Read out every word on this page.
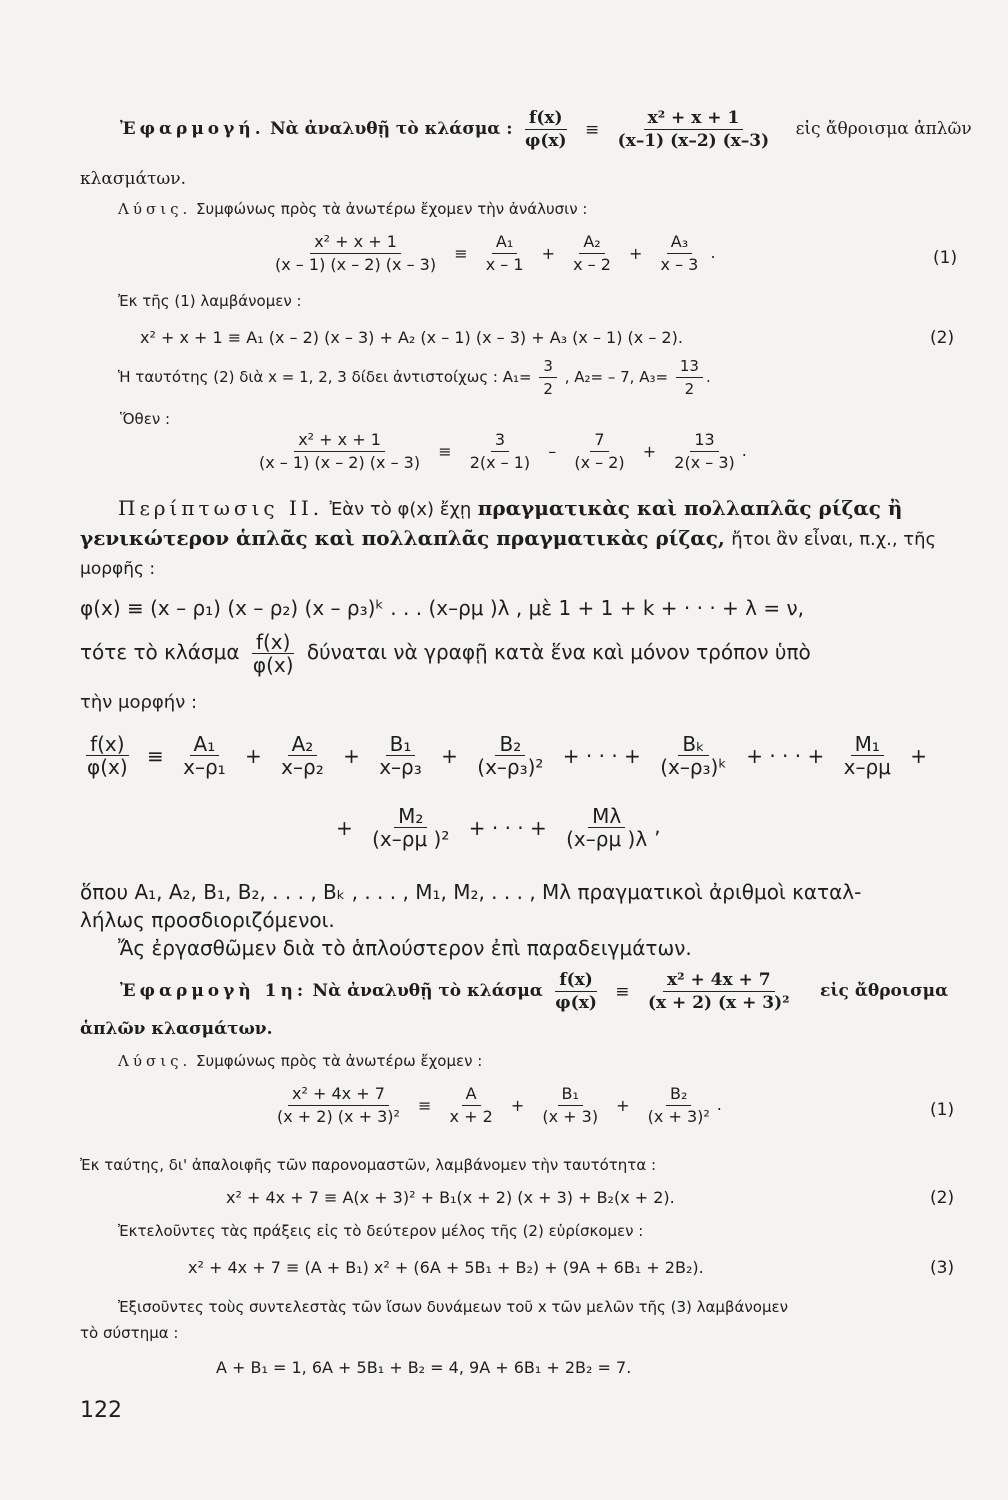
Ἐφαρμογή. Νὰ ἀναλυθῇ τὸ κλάσμα : $\frac{f(x)}{\varphi(x)} \equiv \frac{\text{x² + x + 1}}{(x-1) (x-2) (x-3)}$ εἰς ἄθροισμα ἁπλῶν
κλασμάτων.
Λύσις. Συμφώνως πρὸς τὰ ἀνωτέρω ἔχομεν τὴν ἀνάλυσιν :
$\frac{\text{x² + x + 1}}{(x - 1) (x - 2) (x - 3)} \equiv \frac{\text{A₁}}{x - 1} + \frac{\text{A₂}}{x - 2} + \frac{\text{A₃}}{x - 3}$ .	(1)
Ἐκ τῆς (1) λαμβάνομεν :
x² + x + 1 ≡ A₁ (x – 2) (x – 3) + A₂ (x – 1) (x – 3) + A₃ (x – 1) (x – 2).	(2)
Ἡ ταυτότης (2) διὰ x = 1, 2, 3 δίδει ἀντιστοίχως : $A_1= \frac{3}{2}$ , A₂= – 7, $A_3= \frac{13}{2}$ .
Ὅθεν :
$\frac{\text{x² + x + 1}}{(x - 1) (x - 2) (x - 3)} \equiv \frac{3}{2(x - 1)} - \frac{7}{(x - 2)} + \frac{13}{2(x - 3)}$ .
Περίπτωσις II. Ἐὰν τὸ φ(x) ἔχῃ πραγματικὰς καὶ πολλαπλᾶς ρίζας ἢ
γενικώτερον ἁπλᾶς καὶ πολλαπλᾶς πραγματικὰς ρίζας, ἤτοι ἂν εἶναι, π.χ., τῆς
μορφῆς :
φ(x) ≡ (x – ρ₁) (x – ρ₂) (x – ρ₃)ᵏ . . . (x–ρμ )λ , μὲ 1 + 1 + k + · · · + λ = ν,
τότε τὸ κλάσμα $\frac{f(x)}{\varphi(x)}$ δύναται νὰ γραφῇ κατὰ ἕνα καὶ μόνον τρόπον ὑπὸ
τὴν μορφήν :
$\frac{f(x)}{\varphi(x)} \equiv \frac{\text{A₁}}{\text{x–ρ₁}} + \frac{\text{A₂}}{\text{x–ρ₂}} + \frac{\text{B₁}}{\text{x–ρ₃}} + \frac{\text{B₂}}{\text{(x–ρ₃)²}}$ + · · · + $\frac{\text{Bₖ}}{\text{(x–ρ₃)ᵏ}}$ + · · · + $\frac{\text{M₁}}{x-\rho\mu}$ +
+ $\frac{\text{M₂}}{\text{(x–ρμ )²}}$ + · · · + $\frac{M\lambda}{(x-\rho\mu )\lambda}$ ,
ὅπου A₁, A₂, B₁, B₂, . . . , Bₖ , . . . , M₁, M₂, . . . , Mλ πραγματικοὶ ἀριθμοὶ καταλ-
λήλως προσδιοριζόμενοι.
Ἄς ἐργασθῶμεν διὰ τὸ ἁπλούστερον ἐπὶ παραδειγμάτων.
Ἐφαρμογὴ 1η: Νὰ ἀναλυθῇ τὸ κλάσμα $\frac{f(x)}{\varphi(x)} \equiv \frac{\text{x² + 4x + 7}}{\text{(x + 2) (x + 3)²}}$ εἰς ἄθροισμα
ἁπλῶν κλασμάτων.
Λύσις. Συμφώνως πρὸς τὰ ἀνωτέρω ἔχομεν :
$\frac{\text{x² + 4x + 7}}{\text{(x + 2) (x + 3)²}} \equiv \frac{A}{x + 2} + \frac{\text{B₁}}{(x + 3)} + \frac{\text{B₂}}{\text{(x + 3)²}}$ .	(1)
Ἐκ ταύτης, δι' ἀπαλοιφῆς τῶν παρονομαστῶν, λαμβάνομεν τὴν ταυτότητα :
x² + 4x + 7 ≡ A(x + 3)² + B₁(x + 2) (x + 3) + B₂(x + 2).	(2)
Ἐκτελοῦντες τὰς πράξεις εἰς τὸ δεύτερον μέλος τῆς (2) εὑρίσκομεν :
x² + 4x + 7 ≡ (A + B₁) x² + (6A + 5B₁ + B₂) + (9A + 6B₁ + 2B₂).	(3)
Ἐξισοῦντες τοὺς συντελεστὰς τῶν ἴσων δυνάμεων τοῦ x τῶν μελῶν τῆς (3) λαμβάνομεν
τὸ σύστημα :
A + B₁ = 1, 6A + 5B₁ + B₂ = 4, 9A + 6B₁ + 2B₂ = 7.
122
